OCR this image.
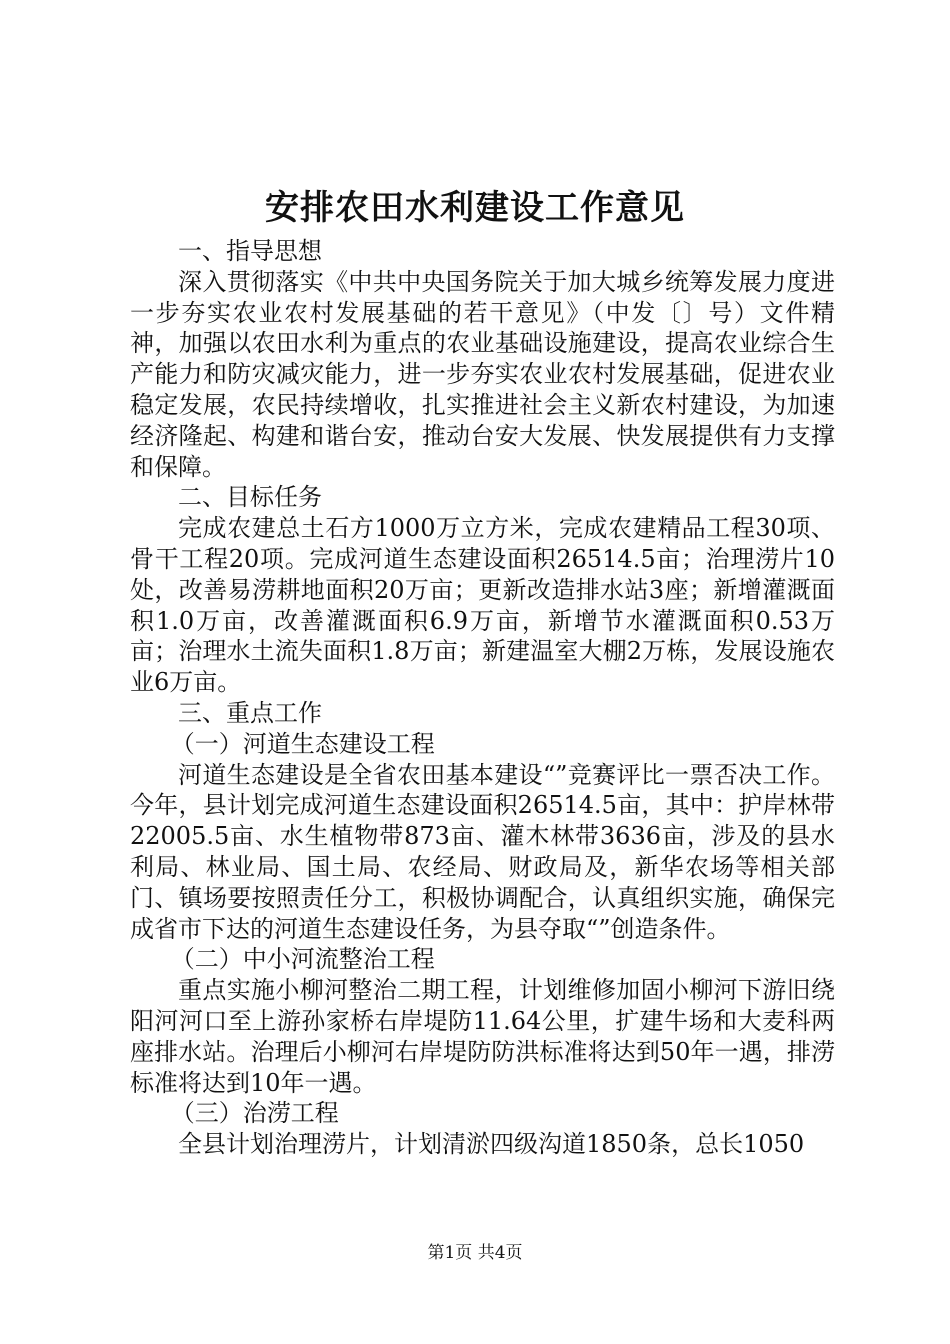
安排农田水利建设工作意见

一、指导思想

深入贯彻落实《中共中央国务院关于加大城乡统筹发展力度进一步夯实农业农村发展基础的若干意见》（中发〔〕号）文件精神，加强以农田水利为重点的农业基础设施建设，提高农业综合生产能力和防灾减灾能力，进一步夯实农业农村发展基础，促进农业稳定发展，农民持续增收，扎实推进社会主义新农村建设，为加速经济隆起、构建和谐台安，推动台安大发展、快发展提供有力支撑和保障。

二、目标任务

完成农建总土石方1000万立方米，完成农建精品工程30项、骨干工程20项。完成河道生态建设面积26514.5亩；治理涝片10处，改善易涝耕地面积20万亩；更新改造排水站3座；新增灌溉面积1.0万亩，改善灌溉面积6.9万亩，新增节水灌溉面积0.53万亩；治理水土流失面积1.8万亩；新建温室大棚2万栋，发展设施农业6万亩。

三、重点工作

（一）河道生态建设工程

河道生态建设是全省农田基本建设“”竞赛评比一票否决工作。今年，县计划完成河道生态建设面积26514.5亩，其中：护岸林带22005.5亩、水生植物带873亩、灌木林带3636亩，涉及的县水利局、林业局、国土局、农经局、财政局及，新华农场等相关部门、镇场要按照责任分工，积极协调配合，认真组织实施，确保完成省市下达的河道生态建设任务，为县夺取“”创造条件。

（二）中小河流整治工程

重点实施小柳河整治二期工程，计划维修加固小柳河下游旧绕阳河河口至上游孙家桥右岸堤防11.64公里，扩建牛场和大麦科两座排水站。治理后小柳河右岸堤防防洪标准将达到50年一遇，排涝标准将达到10年一遇。

（三）治涝工程

全县计划治理涝片，计划清淤四级沟道1850条，总长1050

第1页 共4页
